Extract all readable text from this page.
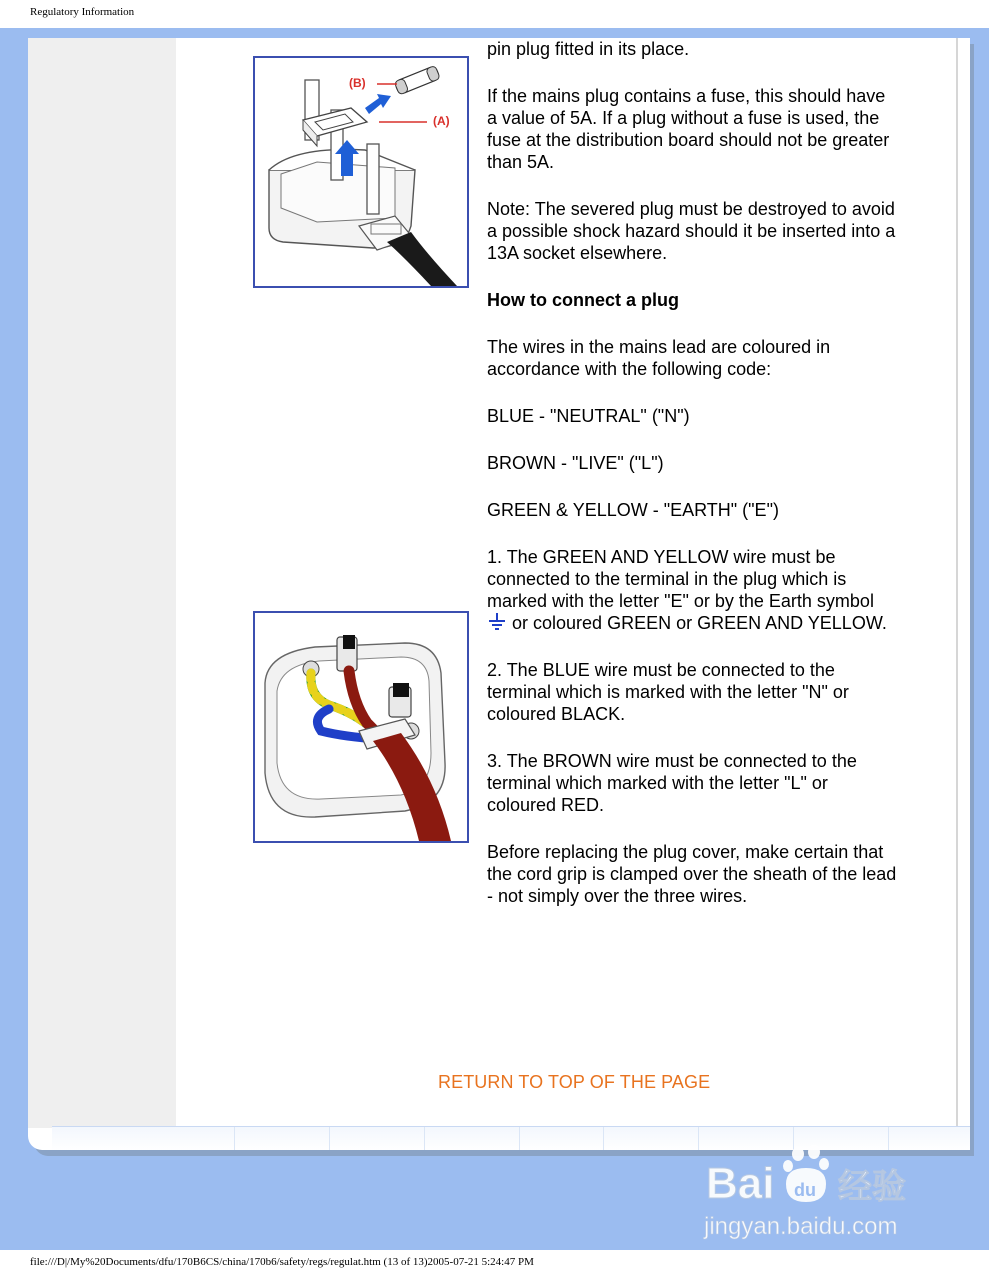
Regulatory Information
(B)
(A)

pin plug fitted in its place.

If the mains plug contains a fuse, this should have a value of 5A. If a plug without a fuse is used, the fuse at the distribution board should not be greater than 5A.

Note: The severed plug must be destroyed to avoid a possible shock hazard should it be inserted into a 13A socket elsewhere.

How to connect a plug

The wires in the mains lead are coloured in accordance with the following code:

BLUE - "NEUTRAL" ("N")

BROWN - "LIVE" ("L")

GREEN & YELLOW - "EARTH" ("E")

1. The GREEN AND YELLOW wire must be connected to the terminal in the plug which is marked with the letter "E" or by the Earth symbol
or coloured GREEN or GREEN AND YELLOW.

2. The BLUE wire must be connected to the terminal which is marked with the letter "N" or coloured BLACK.

3. The BROWN wire must be connected to the terminal which marked with the letter "L" or coloured RED.

Before replacing the plug cover, make certain that the cord grip is clamped over the sheath of the lead - not simply over the three wires.

RETURN TO TOP OF THE PAGE
Bai du 经验
jingyan.baidu.com
file:///D|/My%20Documents/dfu/170B6CS/china/170b6/safety/regs/regulat.htm (13 of 13)2005-07-21 5:24:47 PM
